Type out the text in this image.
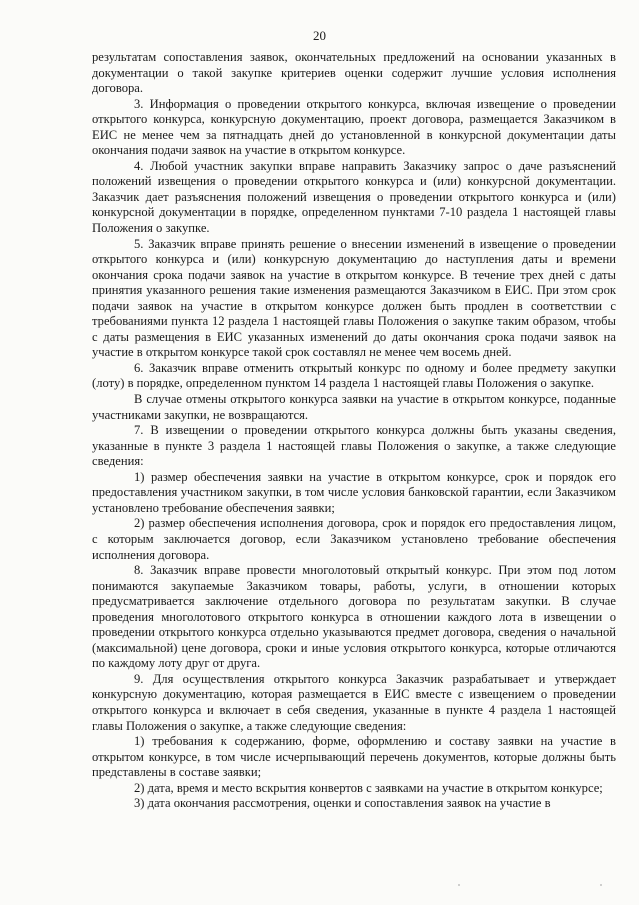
20

результатам сопоставления заявок, окончательных предложений на основании указанных в документации о такой закупке критериев оценки содержит лучшие условия исполнения договора.

3. Информация о проведении открытого конкурса, включая извещение о проведении открытого конкурса, конкурсную документацию, проект договора, размещается Заказчиком в ЕИС не менее чем за пятнадцать дней до установленной в конкурсной документации даты окончания подачи заявок на участие в открытом конкурсе.

4. Любой участник закупки вправе направить Заказчику запрос о даче разъяснений положений извещения о проведении открытого конкурса и (или) конкурсной документации. Заказчик дает разъяснения положений извещения о проведении открытого конкурса и (или) конкурсной документации в порядке, определенном пунктами 7-10 раздела 1 настоящей главы Положения о закупке.

5. Заказчик вправе принять решение о внесении изменений в извещение о проведении открытого конкурса и (или) конкурсную документацию до наступления даты и времени окончания срока подачи заявок на участие в открытом конкурсе. В течение трех дней с даты принятия указанного решения такие изменения размещаются Заказчиком в ЕИС. При этом срок подачи заявок на участие в открытом конкурсе должен быть продлен в соответствии с требованиями пункта 12 раздела 1 настоящей главы Положения о закупке таким образом, чтобы с даты размещения в ЕИС указанных изменений до даты окончания срока подачи заявок на участие в открытом конкурсе такой срок составлял не менее чем восемь дней.

6. Заказчик вправе отменить открытый конкурс по одному и более предмету закупки (лоту) в порядке, определенном пунктом 14 раздела 1 настоящей главы Положения о закупке.

В случае отмены открытого конкурса заявки на участие в открытом конкурсе, поданные участниками закупки, не возвращаются.

7. В извещении о проведении открытого конкурса должны быть указаны сведения, указанные в пункте 3 раздела 1 настоящей главы Положения о закупке, а также следующие сведения:

1) размер обеспечения заявки на участие в открытом конкурсе, срок и порядок его предоставления участником закупки, в том числе условия банковской гарантии, если Заказчиком установлено требование обеспечения заявки;

2) размер обеспечения исполнения договора, срок и порядок его предоставления лицом, с которым заключается договор, если Заказчиком установлено требование обеспечения исполнения договора.

8. Заказчик вправе провести многолотовый открытый конкурс. При этом под лотом понимаются закупаемые Заказчиком товары, работы, услуги, в отношении которых предусматривается заключение отдельного договора по результатам закупки. В случае проведения многолотового открытого конкурса в отношении каждого лота в извещении о проведении открытого конкурса отдельно указываются предмет договора, сведения о начальной (максимальной) цене договора, сроки и иные условия открытого конкурса, которые отличаются по каждому лоту друг от друга.

9. Для осуществления открытого конкурса Заказчик разрабатывает и утверждает конкурсную документацию, которая размещается в ЕИС вместе с извещением о проведении открытого конкурса и включает в себя сведения, указанные в пункте 4 раздела 1 настоящей главы Положения о закупке, а также следующие сведения:

1) требования к содержанию, форме, оформлению и составу заявки на участие в открытом конкурсе, в том числе исчерпывающий перечень документов, которые должны быть представлены в составе заявки;

2) дата, время и место вскрытия конвертов с заявками на участие в открытом конкурсе;

3) дата окончания рассмотрения, оценки и сопоставления заявок на участие в
